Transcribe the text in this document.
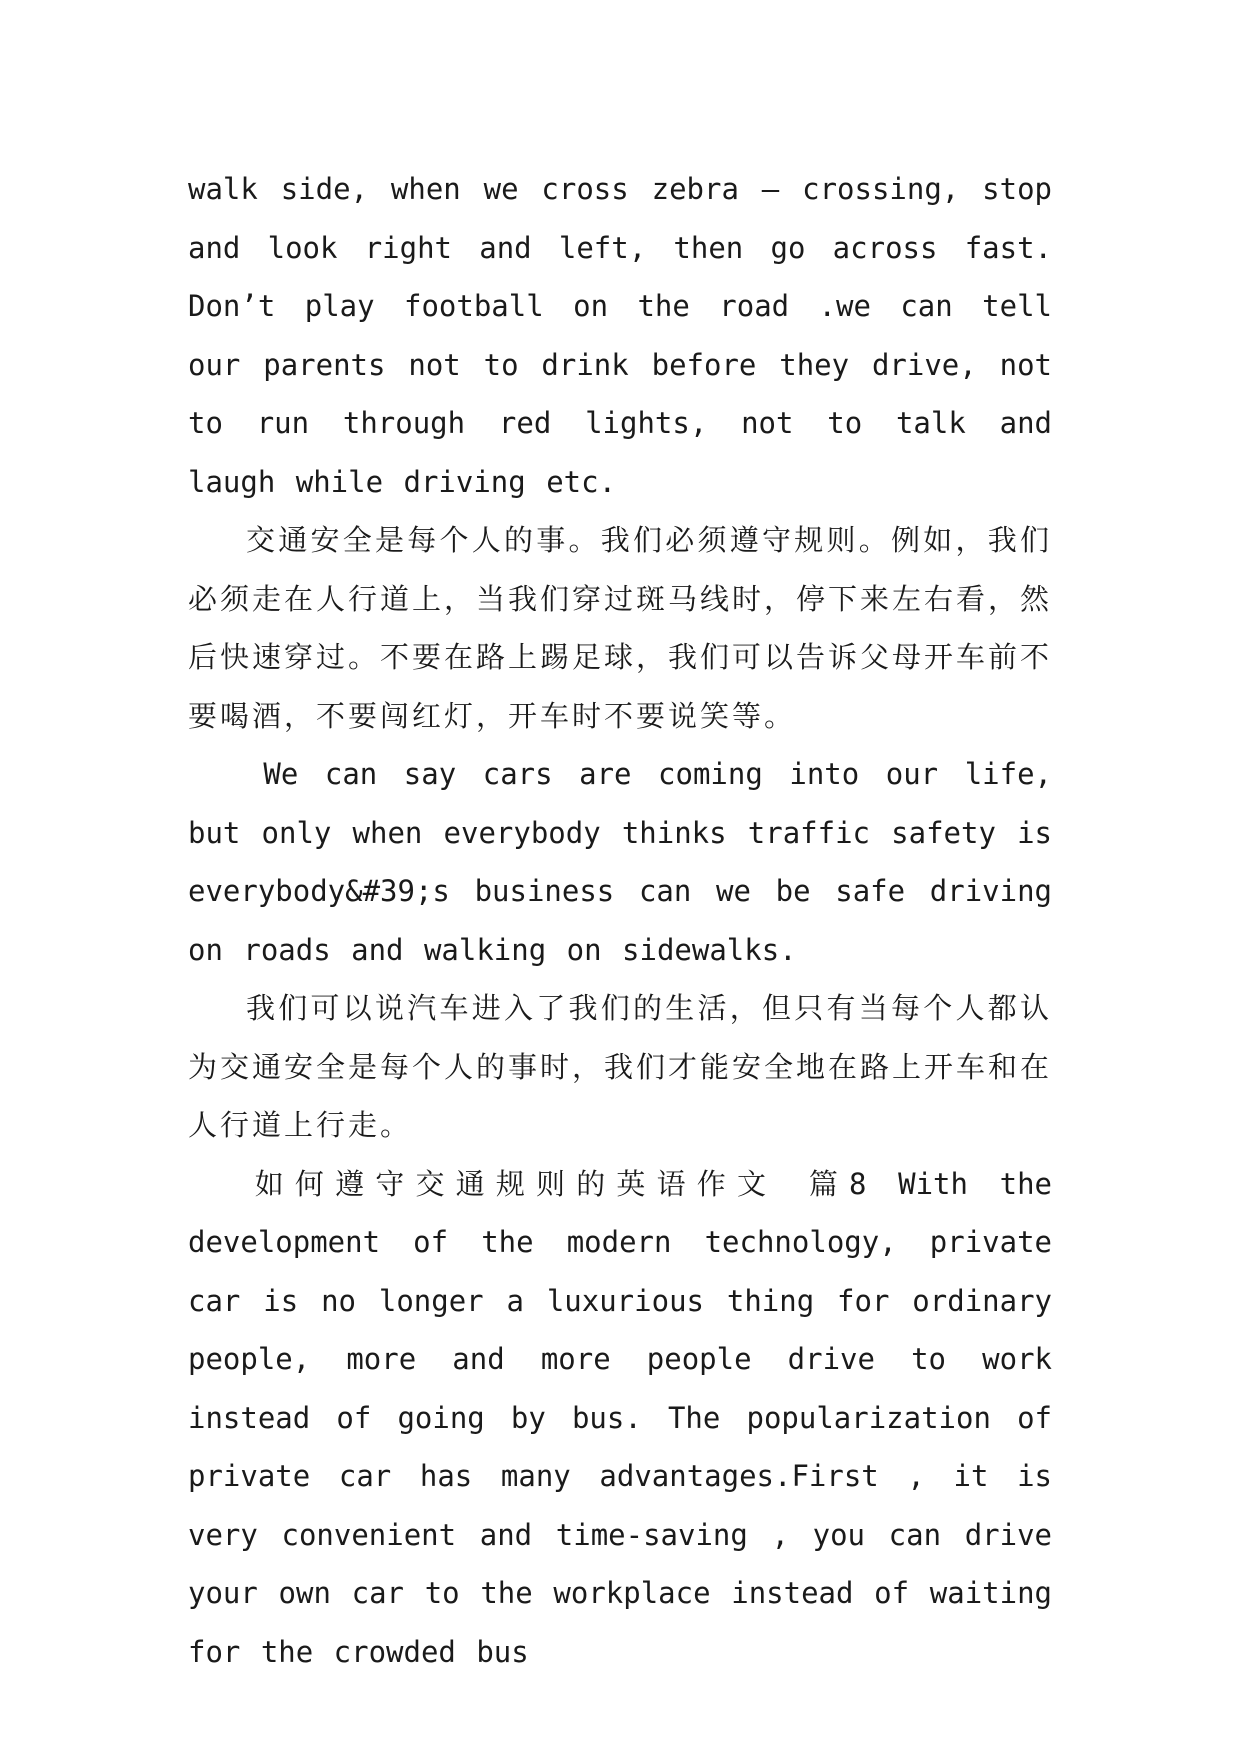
walk side, when we cross zebra – crossing, stop and look right and left, then go across fast. Don’t play football on the road .we can tell our parents not to drink before they drive, not to run through red lights, not to talk and laugh while driving etc.

交通安全是每个人的事。我们必须遵守规则。例如，我们必须走在人行道上，当我们穿过斑马线时，停下来左右看，然后快速穿过。不要在路上踢足球，我们可以告诉父母开车前不要喝酒，不要闯红灯，开车时不要说笑等。

We can say cars are coming into our life, but only when everybody thinks traffic safety is everybody&#39;s business can we be safe driving on roads and walking on sidewalks.

我们可以说汽车进入了我们的生活，但只有当每个人都认为交通安全是每个人的事时，我们才能安全地在路上开车和在人行道上行走。

如何遵守交通规则的英语作文 篇8 With the development of the modern technology, private car is no longer a luxurious thing for ordinary people, more and more people drive to work instead of going by bus. The popularization of private car has many advantages.First , it is very convenient and time-saving , you can drive your own car to the workplace instead of waiting for the crowded bus
